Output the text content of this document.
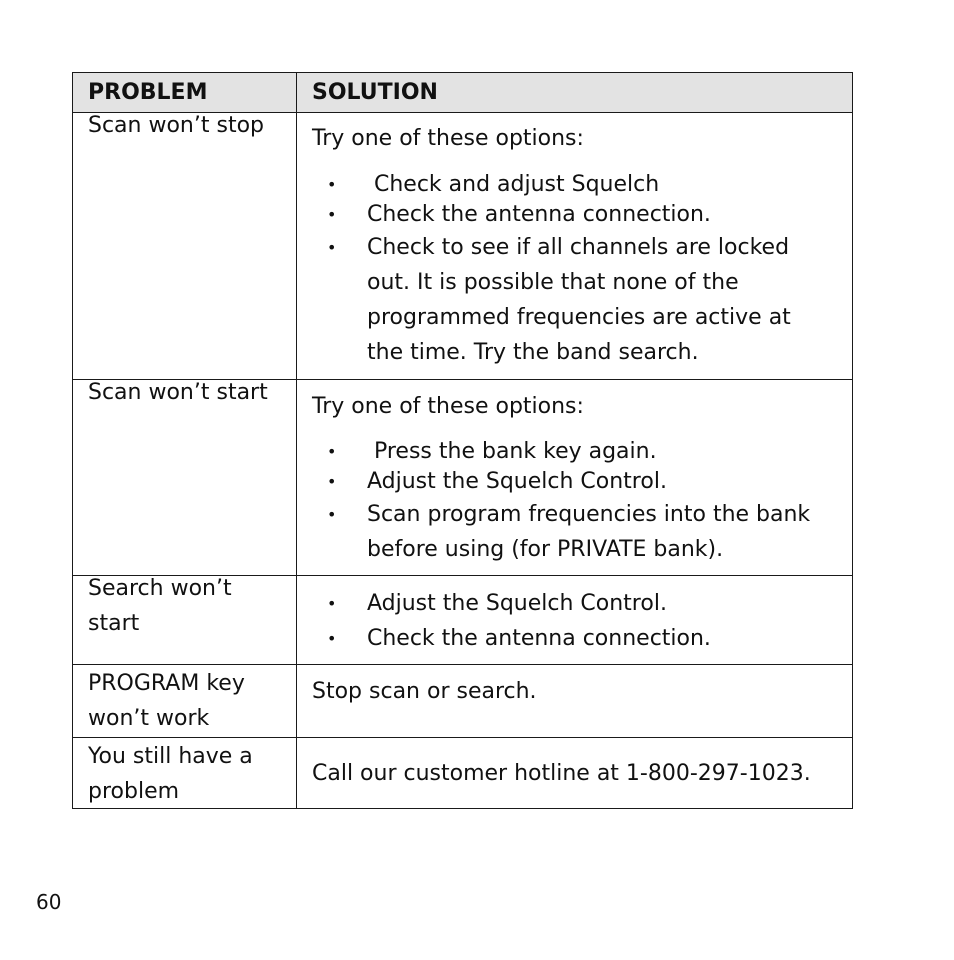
PROBLEM	SOLUTION
Scan won’t stop
Try one of these options:
• Check and adjust Squelch
• Check the antenna connection.
• Check to see if all channels are locked out. It is possible that none of the programmed frequencies are active at the time. Try the band search.
Scan won’t start
Try one of these options:
• Press the bank key again.
• Adjust the Squelch Control.
• Scan program frequencies into the bank before using (for PRIVATE bank).
Search won’t start
• Adjust the Squelch Control.
• Check the antenna connection.
PROGRAM key won’t work
Stop scan or search.
You still have a problem
Call our customer hotline at 1-800-297-1023.
60
